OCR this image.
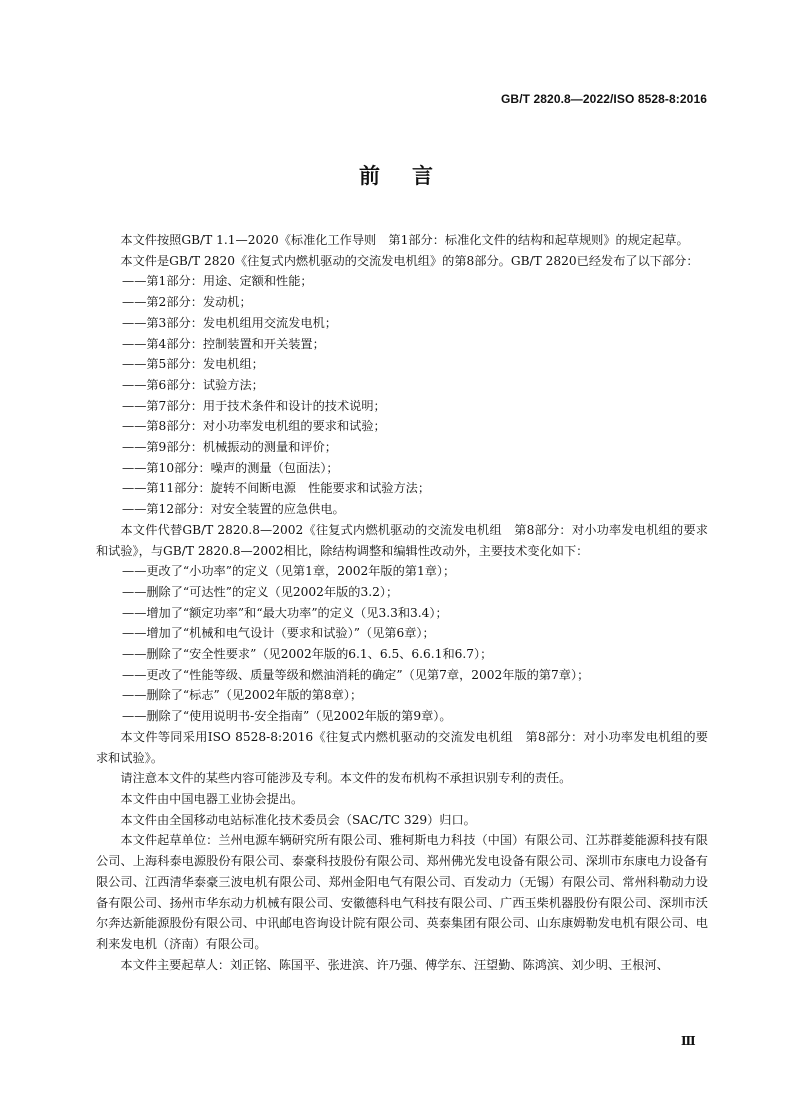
GB/T 2820.8—2022/ISO 8528-8:2016
前言

本文件按照GB/T 1.1—2020《标准化工作导则　第1部分：标准化文件的结构和起草规则》的规定起草。

本文件是GB/T 2820《往复式内燃机驱动的交流发电机组》的第8部分。GB/T 2820已经发布了以下部分：

——第1部分：用途、定额和性能；

——第2部分：发动机；

——第3部分：发电机组用交流发电机；

——第4部分：控制装置和开关装置；

——第5部分：发电机组；

——第6部分：试验方法；

——第7部分：用于技术条件和设计的技术说明；

——第8部分：对小功率发电机组的要求和试验；

——第9部分：机械振动的测量和评价；

——第10部分：噪声的测量（包面法）；

——第11部分：旋转不间断电源　性能要求和试验方法；

——第12部分：对安全装置的应急供电。

本文件代替GB/T 2820.8—2002《往复式内燃机驱动的交流发电机组　第8部分：对小功率发电机组的要求和试验》，与GB/T 2820.8—2002相比，除结构调整和编辑性改动外，主要技术变化如下：

——更改了“小功率”的定义（见第1章，2002年版的第1章）；

——删除了“可达性”的定义（见2002年版的3.2）；

——增加了“额定功率”和“最大功率”的定义（见3.3和3.4）；

——增加了“机械和电气设计（要求和试验）”（见第6章）；

——删除了“安全性要求”（见2002年版的6.1、6.5、6.6.1和6.7）；

——更改了“性能等级、质量等级和燃油消耗的确定”（见第7章，2002年版的第7章）；

——删除了“标志”（见2002年版的第8章）；

——删除了“使用说明书-安全指南”（见2002年版的第9章）。

本文件等同采用ISO 8528-8:2016《往复式内燃机驱动的交流发电机组　第8部分：对小功率发电机组的要求和试验》。

请注意本文件的某些内容可能涉及专利。本文件的发布机构不承担识别专利的责任。

本文件由中国电器工业协会提出。

本文件由全国移动电站标准化技术委员会（SAC/TC 329）归口。

本文件起草单位：兰州电源车辆研究所有限公司、雅柯斯电力科技（中国）有限公司、江苏群菱能源科技有限公司、上海科泰电源股份有限公司、泰豪科技股份有限公司、郑州佛光发电设备有限公司、深圳市东康电力设备有限公司、江西清华泰豪三波电机有限公司、郑州金阳电气有限公司、百发动力（无锡）有限公司、常州科勒动力设备有限公司、扬州市华东动力机械有限公司、安徽德科电气科技有限公司、广西玉柴机器股份有限公司、深圳市沃尔奔达新能源股份有限公司、中讯邮电咨询设计院有限公司、英泰集团有限公司、山东康姆勒发电机有限公司、电利来发电机（济南）有限公司。

本文件主要起草人：刘正铭、陈国平、张进滨、许乃强、傅学东、汪望勤、陈鸿滨、刘少明、王根河、

Ⅲ
